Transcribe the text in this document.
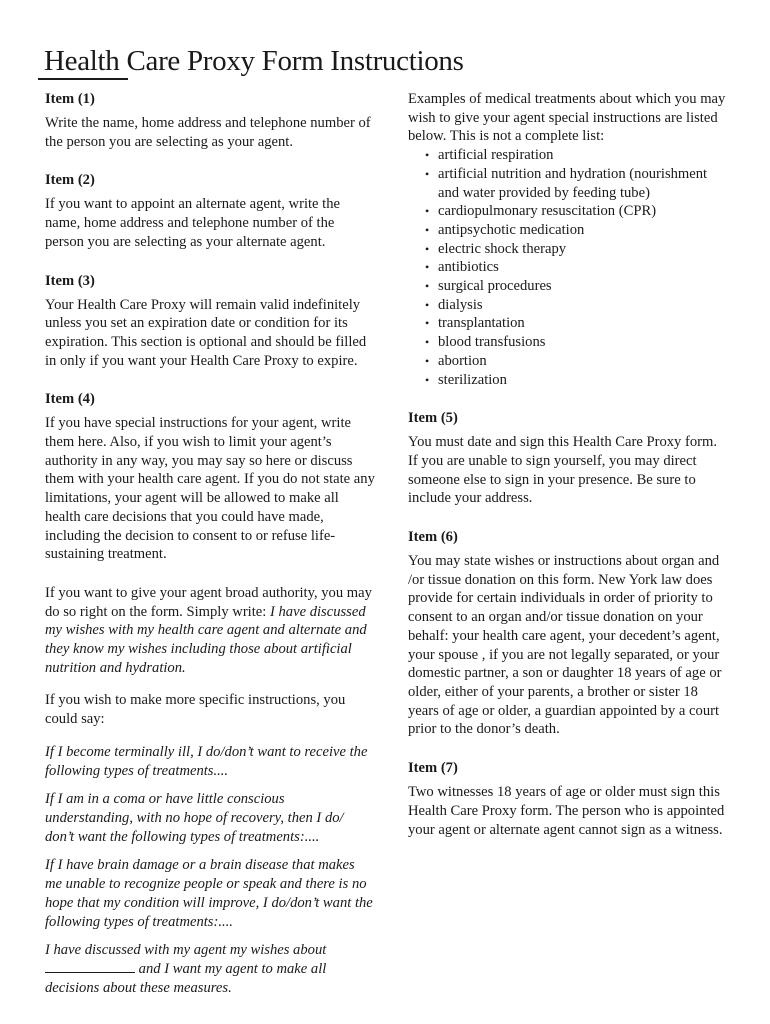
Health Care Proxy Form Instructions
Item (1)

Write the name, home address and telephone number of the person you are selecting as your agent.

Item (2)

If you want to appoint an alternate agent, write the name, home address and telephone number of the person you are selecting as your alternate agent.

Item (3)

Your Health Care Proxy will remain valid indefinitely unless you set an expiration date or condition for its expiration. This section is optional and should be filled in only if you want your Health Care Proxy to expire.

Item (4)

If you have special instructions for your agent, write them here. Also, if you wish to limit your agent’s authority in any way, you may say so here or discuss them with your health care agent. If you do not state any limitations, your agent will be allowed to make all health care decisions that you could have made, including the decision to consent to or refuse life-sustaining treatment.

If you want to give your agent broad authority, you may do so right on the form. Simply write: I have discussed my wishes with my health care agent and alternate and they know my wishes including those about artificial nutrition and hydration.

If you wish to make more specific instructions, you could say:

If I become terminally ill, I do/don’t want to receive the following types of treatments....

If I am in a coma or have little conscious understanding, with no hope of recovery, then I do/ don’t want the following types of treatments:....

If I have brain damage or a brain disease that makes me unable to recognize people or speak and there is no hope that my condition will improve, I do/don’t want the following types of treatments:....

I have discussed with my agent my wishes about and I want my agent to make all decisions about these measures.

Examples of medical treatments about which you may wish to give your agent special instructions are listed below. This is not a complete list:

• artificial respiration
• artificial nutrition and hydration (nourishment and water provided by feeding tube)
• cardiopulmonary resuscitation (CPR)
• antipsychotic medication
• electric shock therapy
• antibiotics
• surgical procedures
• dialysis
• transplantation
• blood transfusions
• abortion
• sterilization
Item (5)

You must date and sign this Health Care Proxy form. If you are unable to sign yourself, you may direct someone else to sign in your presence. Be sure to include your address.

Item (6)

You may state wishes or instructions about organ and /or tissue donation on this form. New York law does provide for certain individuals in order of priority to consent to an organ and/or tissue donation on your behalf: your health care agent, your decedent’s agent, your spouse , if you are not legally separated, or your domestic partner, a son or daughter 18 years of age or older, either of your parents, a brother or sister 18 years of age or older, a guardian appointed by a court prior to the donor’s death.

Item (7)

Two witnesses 18 years of age or older must sign this Health Care Proxy form. The person who is appointed your agent or alternate agent cannot sign as a witness.
